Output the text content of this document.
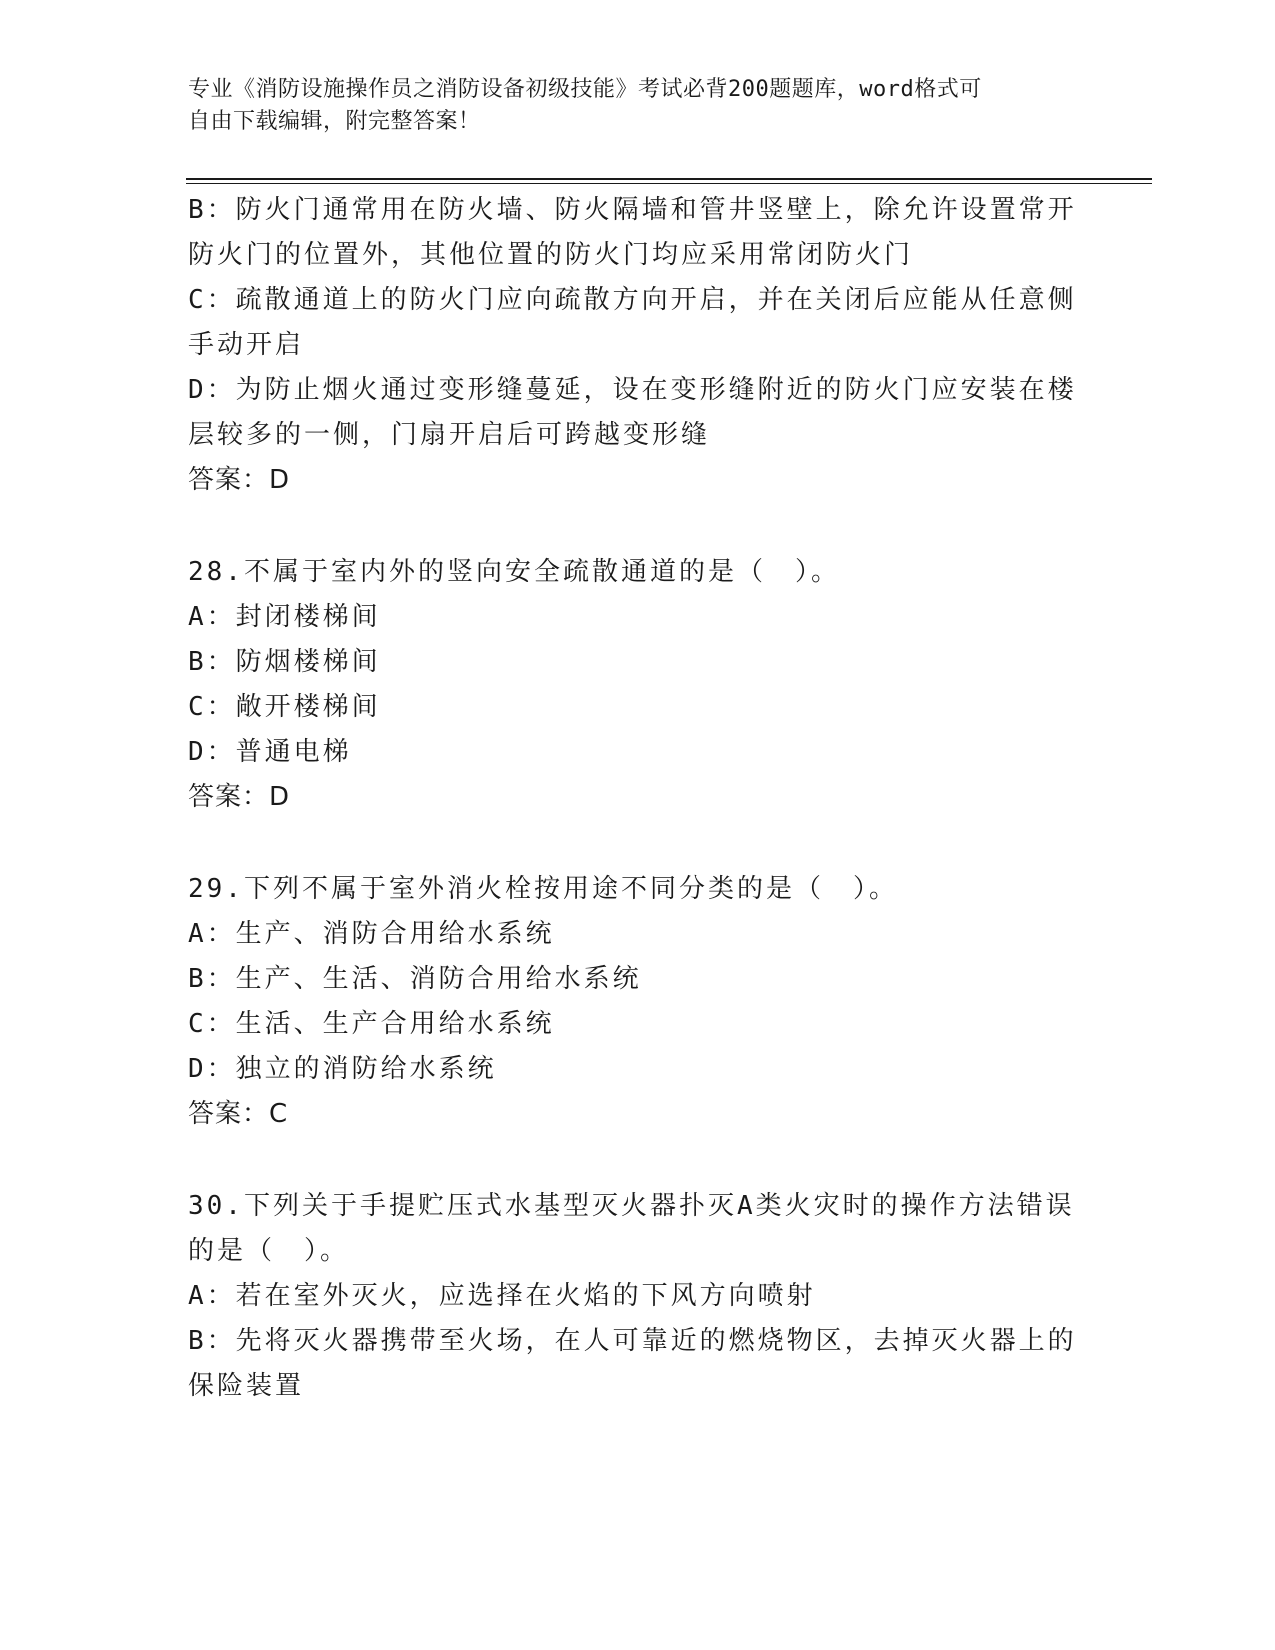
专业《消防设施操作员之消防设备初级技能》考试必背200题题库，word格式可
自由下载编辑，附完整答案！
B：防火门通常用在防火墙、防火隔墙和管井竖壁上，除允许设置常开
防火门的位置外，其他位置的防火门均应采用常闭防火门
C：疏散通道上的防火门应向疏散方向开启，并在关闭后应能从任意侧
手动开启
D：为防止烟火通过变形缝蔓延，设在变形缝附近的防火门应安装在楼
层较多的一侧，门扇开启后可跨越变形缝
答案：D
28.不属于室内外的竖向安全疏散通道的是（　）。
A：封闭楼梯间
B：防烟楼梯间
C：敞开楼梯间
D：普通电梯
答案：D
29.下列不属于室外消火栓按用途不同分类的是（　）。
A：生产、消防合用给水系统
B：生产、生活、消防合用给水系统
C：生活、生产合用给水系统
D：独立的消防给水系统
答案：C
30.下列关于手提贮压式水基型灭火器扑灭A类火灾时的操作方法错误
的是（　）。
A：若在室外灭火，应选择在火焰的下风方向喷射
B：先将灭火器携带至火场，在人可靠近的燃烧物区，去掉灭火器上的
保险装置
